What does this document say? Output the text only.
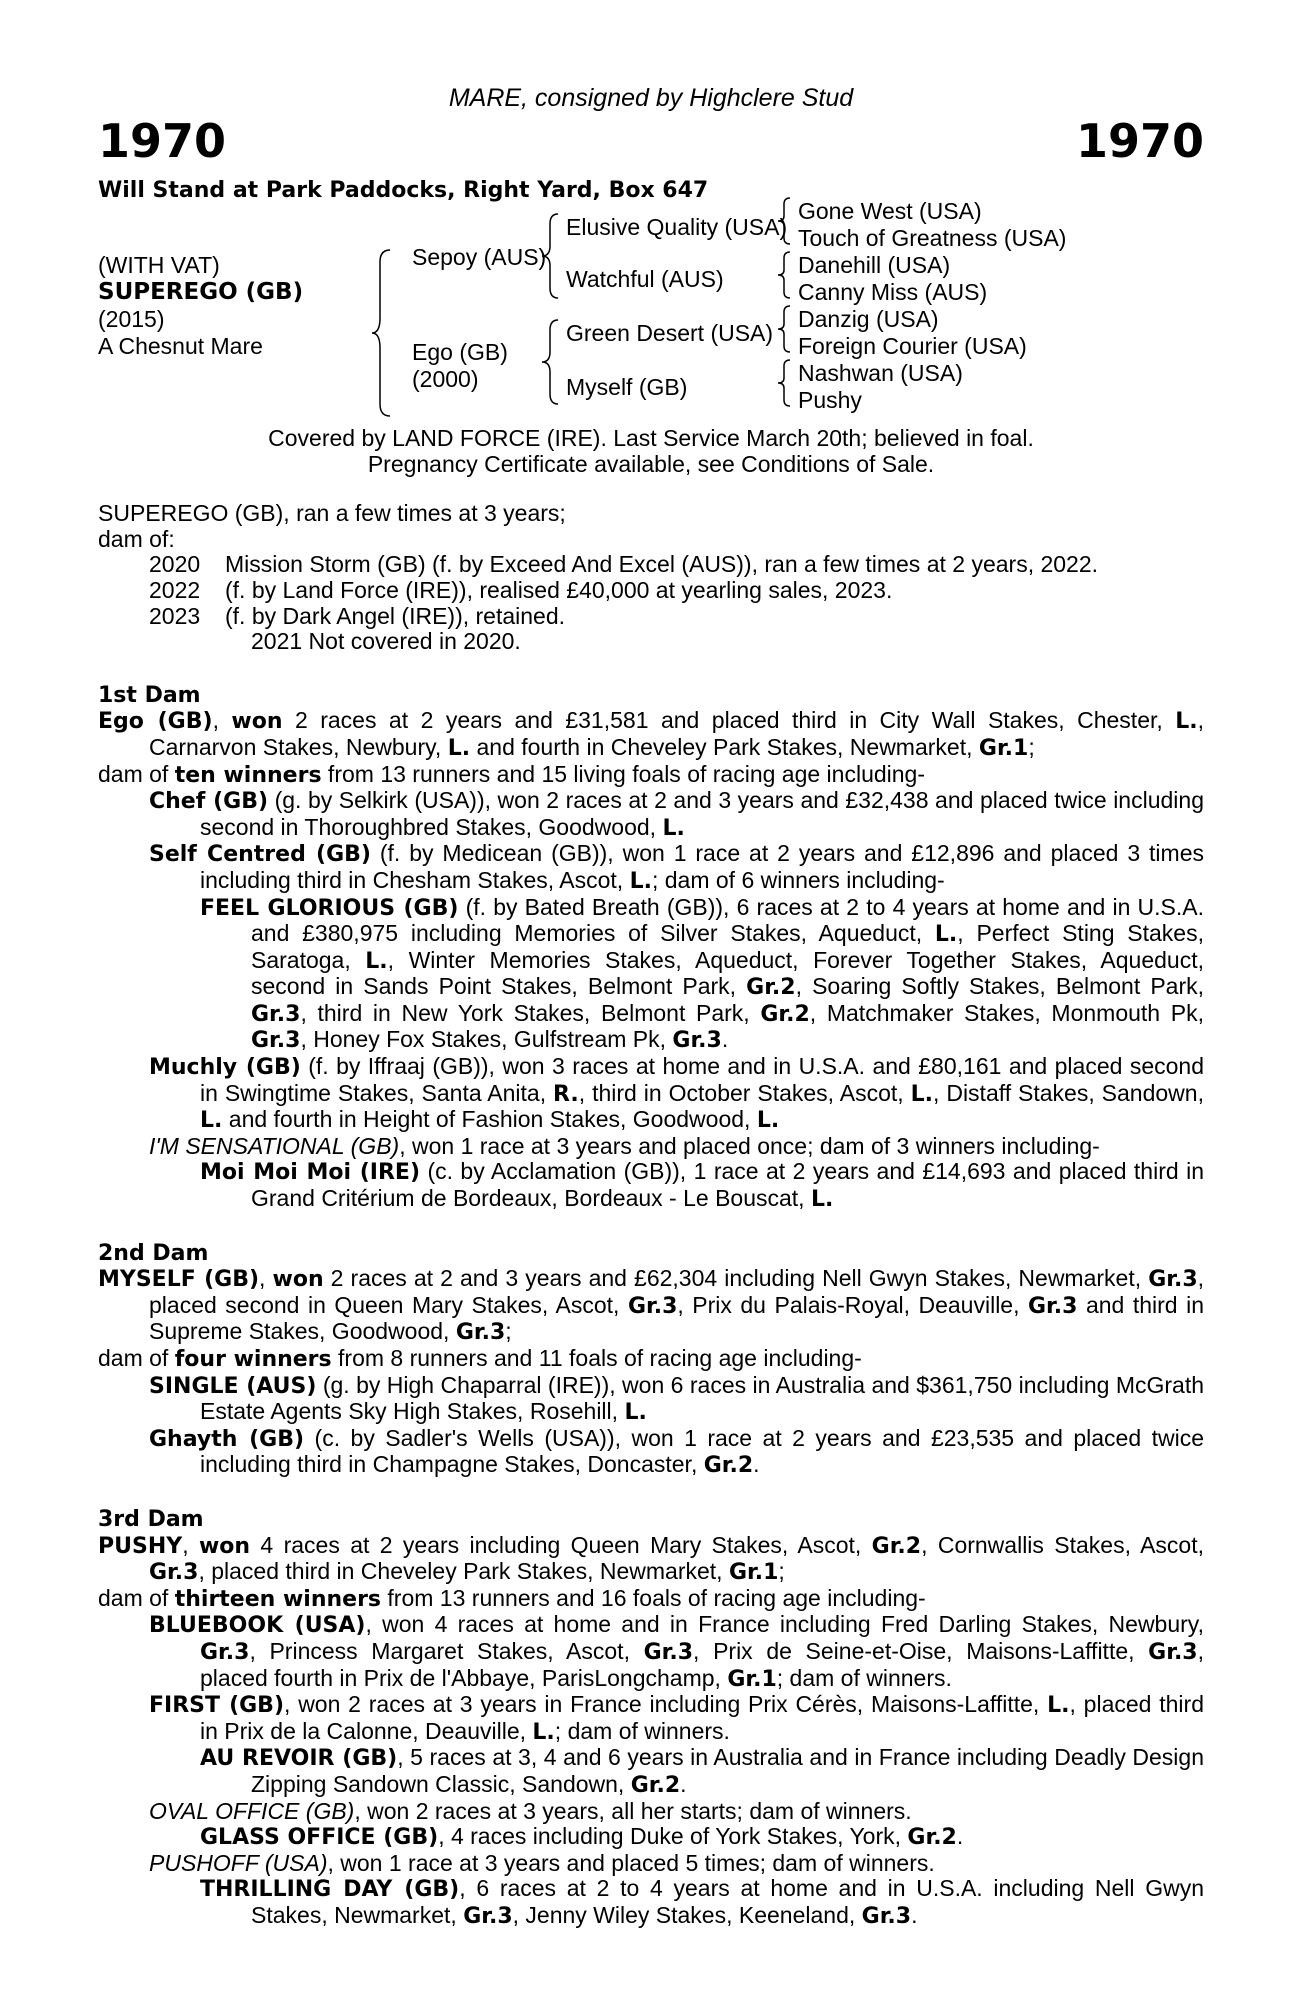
MARE, consigned by Highclere Stud
1970	1970
Will Stand at Park Paddocks, Right Yard, Box 647
(WITH VAT)
SUPEREGO (GB)
(2015)
A Chesnut Mare
Sepoy (AUS)
Ego (GB)
(2000)
Elusive Quality (USA)
Watchful (AUS)
Green Desert (USA)
Myself (GB)
Gone West (USA)
Touch of Greatness (USA)
Danehill (USA)
Canny Miss (AUS)
Danzig (USA)
Foreign Courier (USA)
Nashwan (USA)
Pushy
Covered by LAND FORCE (IRE). Last Service March 20th; believed in foal.
Pregnancy Certificate available, see Conditions of Sale.
SUPEREGO (GB), ran a few times at 3 years;
dam of:
2020	Mission Storm (GB) (f. by Exceed And Excel (AUS)), ran a few times at 2 years, 2022.
2022	(f. by Land Force (IRE)), realised £40,000 at yearling sales, 2023.
2023	(f. by Dark Angel (IRE)), retained.
2021 Not covered in 2020.
1st Dam
Ego (GB), won 2 races at 2 years and £31,581 and placed third in City Wall Stakes, Chester, L., Carnarvon Stakes, Newbury, L. and fourth in Cheveley Park Stakes, Newmarket, Gr.1;
dam of ten winners from 13 runners and 15 living foals of racing age including-
Chef (GB) (g. by Selkirk (USA)), won 2 races at 2 and 3 years and £32,438 and placed twice including second in Thoroughbred Stakes, Goodwood, L.
Self Centred (GB) (f. by Medicean (GB)), won 1 race at 2 years and £12,896 and placed 3 times including third in Chesham Stakes, Ascot, L.; dam of 6 winners including-
FEEL GLORIOUS (GB) (f. by Bated Breath (GB)), 6 races at 2 to 4 years at home and in U.S.A. and £380,975 including Memories of Silver Stakes, Aqueduct, L., Perfect Sting Stakes, Saratoga, L., Winter Memories Stakes, Aqueduct, Forever Together Stakes, Aqueduct, second in Sands Point Stakes, Belmont Park, Gr.2, Soaring Softly Stakes, Belmont Park, Gr.3, third in New York Stakes, Belmont Park, Gr.2, Matchmaker Stakes, Monmouth Pk, Gr.3, Honey Fox Stakes, Gulfstream Pk, Gr.3.
Muchly (GB) (f. by Iffraaj (GB)), won 3 races at home and in U.S.A. and £80,161 and placed second in Swingtime Stakes, Santa Anita, R., third in October Stakes, Ascot, L., Distaff Stakes, Sandown, L. and fourth in Height of Fashion Stakes, Goodwood, L.
I'M SENSATIONAL (GB), won 1 race at 3 years and placed once; dam of 3 winners including-
Moi Moi Moi (IRE) (c. by Acclamation (GB)), 1 race at 2 years and £14,693 and placed third in Grand Critérium de Bordeaux, Bordeaux - Le Bouscat, L.
2nd Dam
MYSELF (GB), won 2 races at 2 and 3 years and £62,304 including Nell Gwyn Stakes, Newmarket, Gr.3, placed second in Queen Mary Stakes, Ascot, Gr.3, Prix du Palais-Royal, Deauville, Gr.3 and third in Supreme Stakes, Goodwood, Gr.3;
dam of four winners from 8 runners and 11 foals of racing age including-
SINGLE (AUS) (g. by High Chaparral (IRE)), won 6 races in Australia and $361,750 including McGrath Estate Agents Sky High Stakes, Rosehill, L.
Ghayth (GB) (c. by Sadler's Wells (USA)), won 1 race at 2 years and £23,535 and placed twice including third in Champagne Stakes, Doncaster, Gr.2.
3rd Dam
PUSHY, won 4 races at 2 years including Queen Mary Stakes, Ascot, Gr.2, Cornwallis Stakes, Ascot, Gr.3, placed third in Cheveley Park Stakes, Newmarket, Gr.1;
dam of thirteen winners from 13 runners and 16 foals of racing age including-
BLUEBOOK (USA), won 4 races at home and in France including Fred Darling Stakes, Newbury, Gr.3, Princess Margaret Stakes, Ascot, Gr.3, Prix de Seine-et-Oise, Maisons-Laffitte, Gr.3, placed fourth in Prix de l'Abbaye, ParisLongchamp, Gr.1; dam of winners.
FIRST (GB), won 2 races at 3 years in France including Prix Cérès, Maisons-Laffitte, L., placed third in Prix de la Calonne, Deauville, L.; dam of winners.
AU REVOIR (GB), 5 races at 3, 4 and 6 years in Australia and in France including Deadly Design Zipping Sandown Classic, Sandown, Gr.2.
OVAL OFFICE (GB), won 2 races at 3 years, all her starts; dam of winners.
GLASS OFFICE (GB), 4 races including Duke of York Stakes, York, Gr.2.
PUSHOFF (USA), won 1 race at 3 years and placed 5 times; dam of winners.
THRILLING DAY (GB), 6 races at 2 to 4 years at home and in U.S.A. including Nell Gwyn Stakes, Newmarket, Gr.3, Jenny Wiley Stakes, Keeneland, Gr.3.
